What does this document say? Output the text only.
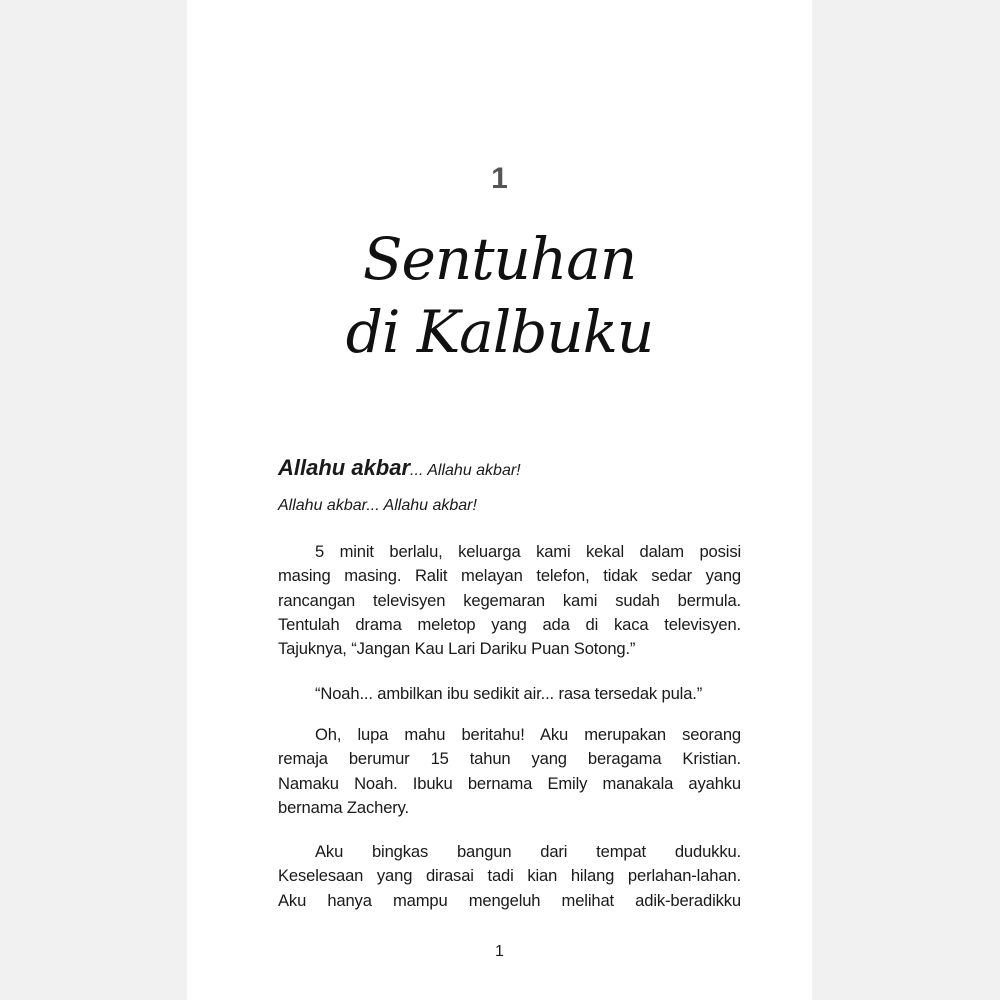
1
Sentuhan
di Kalbuku
Allahu akbar... Allahu akbar!
Allahu akbar... Allahu akbar!
5 minit berlalu, keluarga kami kekal dalam posisi
masing masing. Ralit melayan telefon, tidak sedar yang
rancangan televisyen kegemaran kami sudah bermula.
Tentulah drama meletop yang ada di kaca televisyen.
Tajuknya, “Jangan Kau Lari Dariku Puan Sotong.”
“Noah... ambilkan ibu sedikit air... rasa tersedak pula.”
Oh, lupa mahu beritahu! Aku merupakan seorang
remaja berumur 15 tahun yang beragama Kristian.
Namaku Noah. Ibuku bernama Emily manakala ayahku
bernama Zachery.
Aku bingkas bangun dari tempat dudukku.
Keselesaan yang dirasai tadi kian hilang perlahan-lahan.
Aku hanya mampu mengeluh melihat adik-beradikku
1
